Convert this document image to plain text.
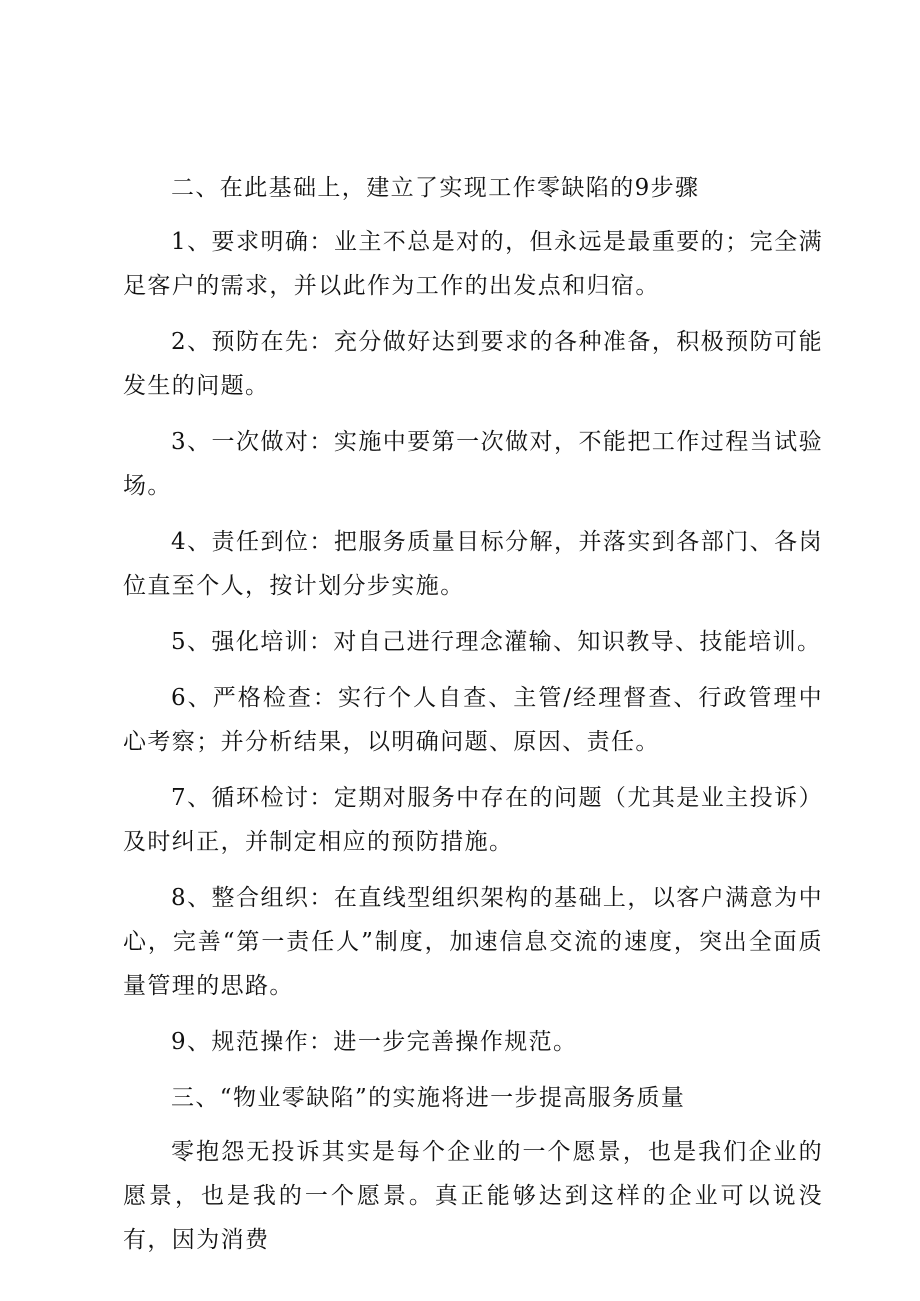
二、在此基础上，建立了实现工作零缺陷的9步骤

1、要求明确：业主不总是对的，但永远是最重要的；完全满足客户的需求，并以此作为工作的出发点和归宿。

2、预防在先：充分做好达到要求的各种准备，积极预防可能发生的问题。

3、一次做对：实施中要第一次做对，不能把工作过程当试验场。

4、责任到位：把服务质量目标分解，并落实到各部门、各岗位直至个人，按计划分步实施。

5、强化培训：对自己进行理念灌输、知识教导、技能培训。

6、严格检查：实行个人自查、主管/经理督查、行政管理中心考察；并分析结果，以明确问题、原因、责任。

7、循环检讨：定期对服务中存在的问题（尤其是业主投诉）及时纠正，并制定相应的预防措施。

8、整合组织：在直线型组织架构的基础上，以客户满意为中心，完善“第一责任人”制度，加速信息交流的速度，突出全面质量管理的思路。

9、规范操作：进一步完善操作规范。

三、“物业零缺陷”的实施将进一步提高服务质量

零抱怨无投诉其实是每个企业的一个愿景，也是我们企业的愿景，也是我的一个愿景。真正能够达到这样的企业可以说没有，因为消费
